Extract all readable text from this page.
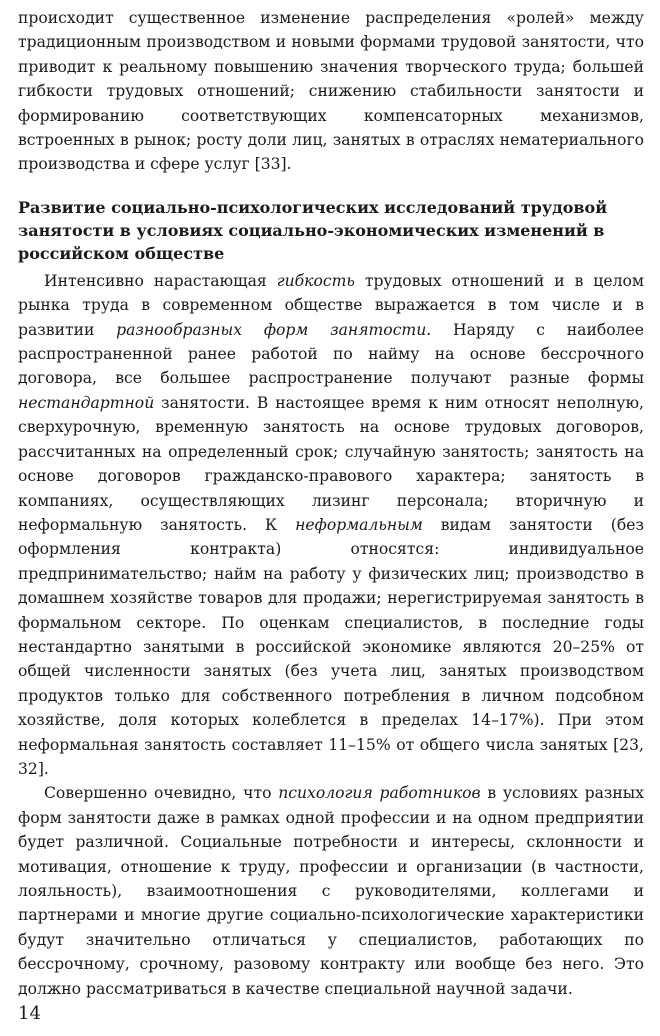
происходит существенное изменение распределения «ролей» между традиционным производством и новыми формами трудовой занятости, что приводит к реальному повышению значения творческого труда; большей гибкости трудовых отношений; снижению стабильности занятости и формированию соответствующих компенсаторных механизмов, встроенных в рынок; росту доли лиц, занятых в отраслях нематериального производства и сфере услуг [33].

Развитие социально-психологических исследований трудовой занятости в условиях социально-экономических изменений в российском обществе

Интенсивно нарастающая гибкость трудовых отношений и в целом рынка труда в современном обществе выражается в том числе и в развитии разнообразных форм занятости. Наряду с наиболее распространенной ранее работой по найму на основе бессрочного договора, все большее распространение получают разные формы нестандартной занятости. В настоящее время к ним относят неполную, сверхурочную, временную занятость на основе трудовых договоров, рассчитанных на определенный срок; случайную занятость; занятость на основе договоров гражданско-правового характера; занятость в компаниях, осуществляющих лизинг персонала; вторичную и неформальную занятость. К неформальным видам занятости (без оформления контракта) относятся: индивидуальное предпринимательство; найм на работу у физических лиц; производство в домашнем хозяйстве товаров для продажи; нерегистрируемая занятость в формальном секторе. По оценкам специалистов, в последние годы нестандартно занятыми в российской экономике являются 20–25% от общей численности занятых (без учета лиц, занятых производством продуктов только для собственного потребления в личном подсобном хозяйстве, доля которых колеблется в пределах 14–17%). При этом неформальная занятость составляет 11–15% от общего числа занятых [23, 32].

Совершенно очевидно, что психология работников в условиях разных форм занятости даже в рамках одной профессии и на одном предприятии будет различной. Социальные потребности и интересы, склонности и мотивация, отношение к труду, профессии и организации (в частности, лояльность), взаимоотношения с руководителями, коллегами и партнерами и многие другие социально-психологические характеристики будут значительно отличаться у специалистов, работающих по бессрочному, срочному, разовому контракту или вообще без него. Это должно рассматриваться в качестве специальной научной задачи.

14
